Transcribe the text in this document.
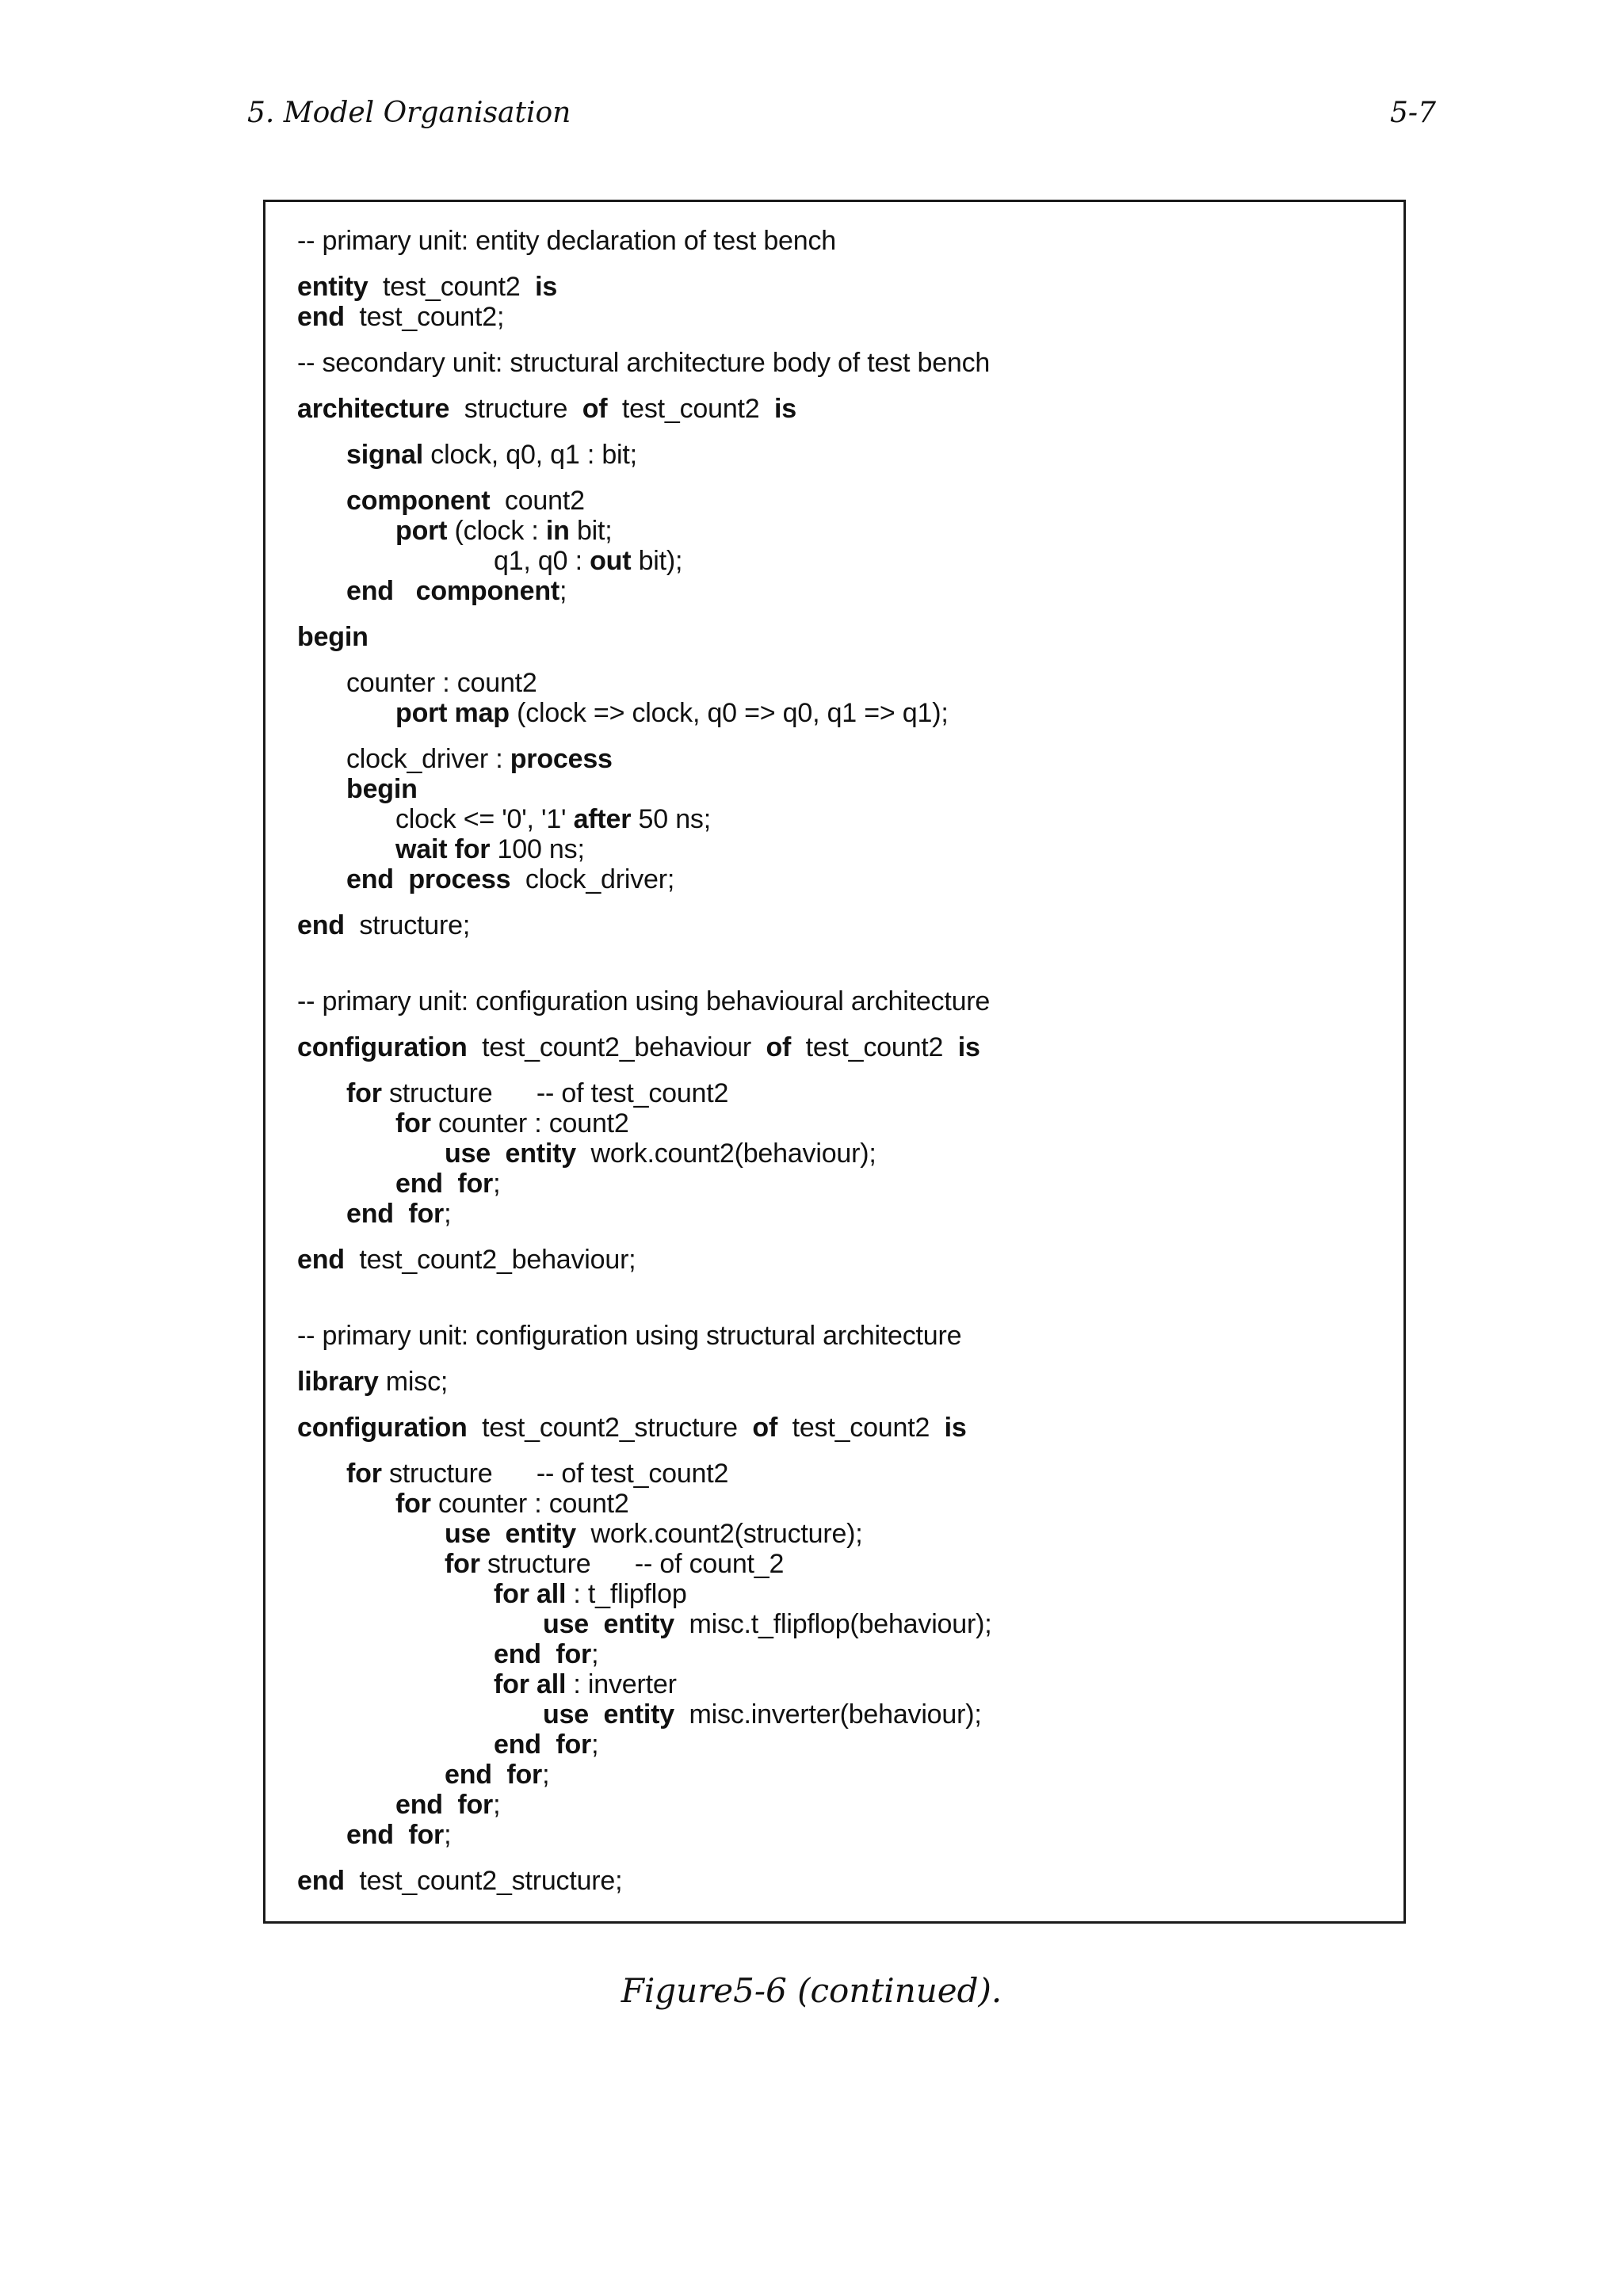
5. Model Organisation	5-7
-- primary unit: entity declaration of test bench
entity  test_count2  is
end  test_count2;
-- secondary unit: structural architecture body of test bench
architecture  structure  of  test_count2  is
signal clock, q0, q1 : bit;
component  count2
port (clock : in bit;
q1, q0 : out bit);
end component;
begin
counter : count2
port map (clock => clock, q0 => q0, q1 => q1);
clock_driver : process
begin
clock <= '0', '1' after 50 ns;
wait for 100 ns;
end process  clock_driver;
end  structure;
-- primary unit: configuration using behavioural architecture
configuration  test_count2_behaviour  of  test_count2  is
for structure      -- of test_count2
for counter : count2
use entity  work.count2(behaviour);
end for;
end for;
end  test_count2_behaviour;
-- primary unit: configuration using structural architecture
library misc;
configuration  test_count2_structure  of  test_count2  is
for structure      -- of test_count2
for counter : count2
use entity  work.count2(structure);
for structure      -- of count_2
for all : t_flipflop
use entity  misc.t_flipflop(behaviour);
end for;
for all : inverter
use entity  misc.inverter(behaviour);
end for;
end for;
end for;
end for;
end  test_count2_structure;
Figure5-6 (continued).
